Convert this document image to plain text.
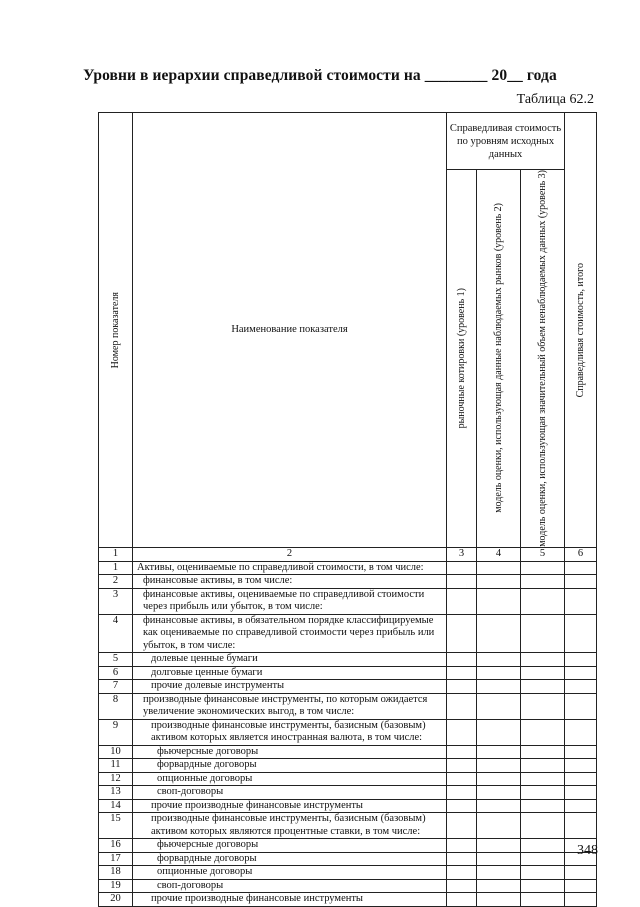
Уровни в иерархии справедливой стоимости на ________ 20__ года
Таблица 62.2
Номер показателя	Наименование показателя	Справедливая стоимость по уровням исходных данных			Справедливая стоимость, итого

		рыночные котировки (уровень 1)	модель оценки, использующая данные наблюдаемых рынков (уровень 2)	модель оценки, использующая значительный объем ненаблюдаемых данных (уровень 3)	

1	2	3	4	5	6
1	Активы, оцениваемые по справедливой стоимости, в том числе:				
2	финансовые активы, в том числе:				
3	финансовые активы, оцениваемые по справедливой стоимости через прибыль или убыток, в том числе:				
4	финансовые активы, в обязательном порядке классифицируемые как оцениваемые по справедливой стоимости через прибыль или убыток, в том числе:				
5	долевые ценные бумаги				
6	долговые ценные бумаги				
7	прочие долевые инструменты				
8	производные финансовые инструменты, по которым ожидается увеличение экономических выгод, в том числе:				
9	производные финансовые инструменты, базисным (базовым) активом которых является иностранная валюта, в том числе:				
10	фьючерсные договоры				
11	форвардные договоры				
12	опционные договоры				
13	своп-договоры				
14	прочие производные финансовые инструменты				
15	производные финансовые инструменты, базисным (базовым) активом которых являются процентные ставки, в том числе:				
16	фьючерсные договоры				
17	форвардные договоры				
18	опционные договоры				
19	своп-договоры				
20	прочие производные финансовые инструменты				
348
